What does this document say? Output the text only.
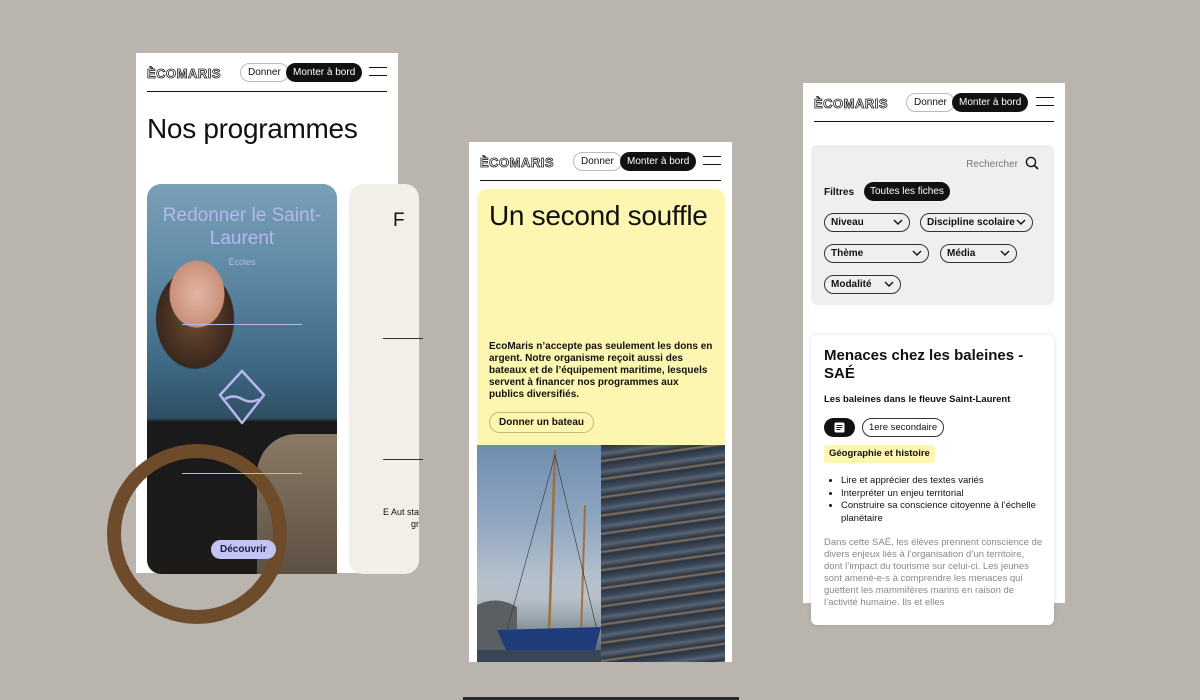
ÈCOMARIS	Donner	Monter à bord
Nos programmes
Redonner le Saint-Laurent
Écoles
Découvrir
F
E Aut sta gr
ÈCOMARIS	Donner	Monter à bord
Un second souffle

EcoMaris n’accepte pas seulement les dons en argent. Notre organisme reçoit aussi des bateaux et de l’équipement maritime, lesquels servent à financer nos programmes aux publics diversifiés.

Donner un bateau
ÈCOMARIS	Donner	Monter à bord
Rechercher
Filtres	Toutes les fiches
Niveau	Discipline scolaire
Thème	Média
Modalité
Menaces chez les baleines - SAÉ
Les baleines dans le fleuve Saint-Laurent
1ere secondaire
Géographie et histoire
• Lire et apprécier des textes variés
• Interpréter un enjeu territorial
• Construire sa conscience citoyenne à l’échelle planétaire
Dans cette SAÉ, les élèves prennent conscience de divers enjeux liés à l’organisation d’un territoire, dont l’impact du tourisme sur celui-ci. Les jeunes sont amené-e-s à comprendre les menaces qui guettent les mammifères marins en raison de l’activité humaine. Ils et elles
